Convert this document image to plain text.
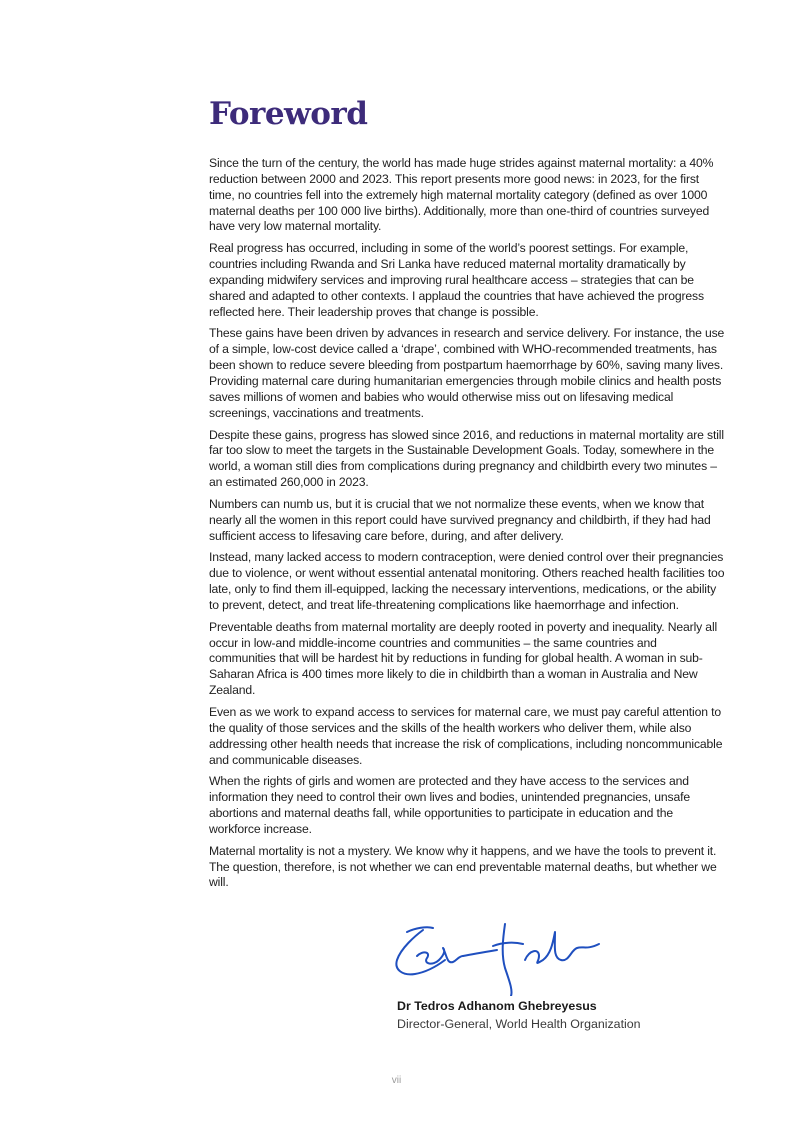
Foreword

Since the turn of the century, the world has made huge strides against maternal mortality: a 40% reduction between 2000 and 2023. This report presents more good news: in 2023, for the first time, no countries fell into the extremely high maternal mortality category (defined as over 1000 maternal deaths per 100 000 live births). Additionally, more than one-third of countries surveyed have very low maternal mortality.

Real progress has occurred, including in some of the world’s poorest settings. For example, countries including Rwanda and Sri Lanka have reduced maternal mortality dramatically by expanding midwifery services and improving rural healthcare access – strategies that can be shared and adapted to other contexts. I applaud the countries that have achieved the progress reflected here. Their leadership proves that change is possible.

These gains have been driven by advances in research and service delivery. For instance, the use of a simple, low-cost device called a ‘drape’, combined with WHO-recommended treatments, has been shown to reduce severe bleeding from postpartum haemorrhage by 60%, saving many lives. Providing maternal care during humanitarian emergencies through mobile clinics and health posts saves millions of women and babies who would otherwise miss out on lifesaving medical screenings, vaccinations and treatments.

Despite these gains, progress has slowed since 2016, and reductions in maternal mortality are still far too slow to meet the targets in the Sustainable Development Goals. Today, somewhere in the world, a woman still dies from complications during pregnancy and childbirth every two minutes – an estimated 260,000 in 2023.

Numbers can numb us, but it is crucial that we not normalize these events, when we know that nearly all the women in this report could have survived pregnancy and childbirth, if they had had sufficient access to lifesaving care before, during, and after delivery.

Instead, many lacked access to modern contraception, were denied control over their pregnancies due to violence, or went without essential antenatal monitoring. Others reached health facilities too late, only to find them ill-equipped, lacking the necessary interventions, medications, or the ability to prevent, detect, and treat life-threatening complications like haemorrhage and infection.

Preventable deaths from maternal mortality are deeply rooted in poverty and inequality. Nearly all occur in low-and middle-income countries and communities – the same countries and communities that will be hardest hit by reductions in funding for global health. A woman in sub-Saharan Africa is 400 times more likely to die in childbirth than a woman in Australia and New Zealand.

Even as we work to expand access to services for maternal care, we must pay careful attention to the quality of those services and the skills of the health workers who deliver them, while also addressing other health needs that increase the risk of complications, including noncommunicable and communicable diseases.

When the rights of girls and women are protected and they have access to the services and information they need to control their own lives and bodies, unintended pregnancies, unsafe abortions and maternal deaths fall, while opportunities to participate in education and the workforce increase.

Maternal mortality is not a mystery. We know why it happens, and we have the tools to prevent it. The question, therefore, is not whether we can end preventable maternal deaths, but whether we will.

Dr Tedros Adhanom Ghebreyesus
Director-General, World Health Organization
vii
